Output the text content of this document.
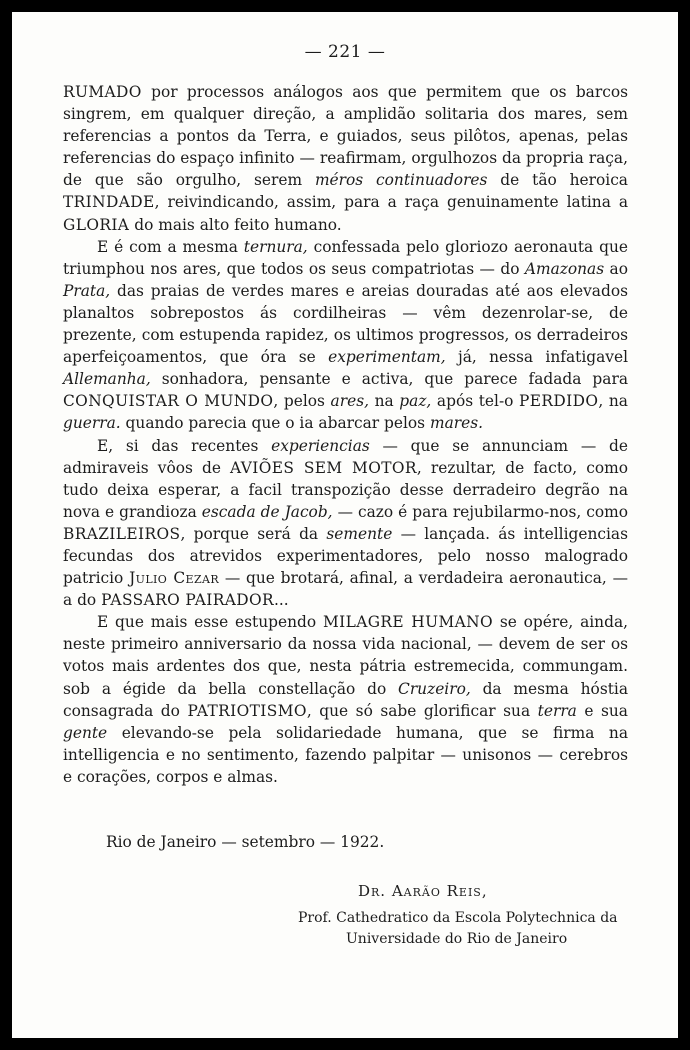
— 221 —

RUMADO por processos análogos aos que permitem que os barcos singrem, em qualquer direção, a amplidão solitaria dos mares, sem referencias a pontos da Terra, e guiados, seus pilôtos, apenas, pelas referencias do espaço infinito — reafirmam, orgulhozos da propria raça, de que são orgulho, serem méros continuadores de tão heroica TRINDADE, reivindicando, assim, para a raça genuinamente latina a GLORIA do mais alto feito humano.

E é com a mesma ternura, confessada pelo gloriozo aeronauta que triumphou nos ares, que todos os seus compatriotas — do Amazonas ao Prata, das praias de verdes mares e areias douradas até aos elevados planaltos sobrepostos ás cordilheiras — vêm dezenrolar-se, de prezente, com estupenda rapidez, os ultimos progressos, os derradeiros aperfeiçoamentos, que óra se experimentam, já, nessa infatigavel Allemanha, sonhadora, pensante e activa, que parece fadada para CONQUISTAR O MUNDO, pelos ares, na paz, após tel-o PERDIDO, na guerra. quando parecia que o ia abarcar pelos mares.

E, si das recentes experiencias — que se annunciam — de admiraveis vôos de AVIÕES SEM MOTOR, rezultar, de facto, como tudo deixa esperar, a facil transpozição desse derradeiro degrão na nova e grandioza escada de Jacob, — cazo é para rejubilarmo-nos, como BRAZILEIROS, porque será da semente — lançada. ás intelligencias fecundas dos atrevidos experimentadores, pelo nosso malogrado patricio Julio Cezar — que brotará, afinal, a verdadeira aeronautica, — a do PASSARO PAIRADOR...

E que mais esse estupendo MILAGRE HUMANO se opére, ainda, neste primeiro anniversario da nossa vida nacional, — devem de ser os votos mais ardentes dos que, nesta pátria estremecida, commungam. sob a égide da bella constellação do Cruzeiro, da mesma hóstia consagrada do PATRIOTISMO, que só sabe glorificar sua terra e sua gente elevando-se pela solidariedade humana, que se firma na intelligencia e no sentimento, fazendo palpitar — unisonos — cerebros e corações, corpos e almas.

Rio de Janeiro — setembro — 1922.
Dr. Aarão Reis,
Prof. Cathedratico da Escola Polytechnica da
Universidade do Rio de Janeiro
